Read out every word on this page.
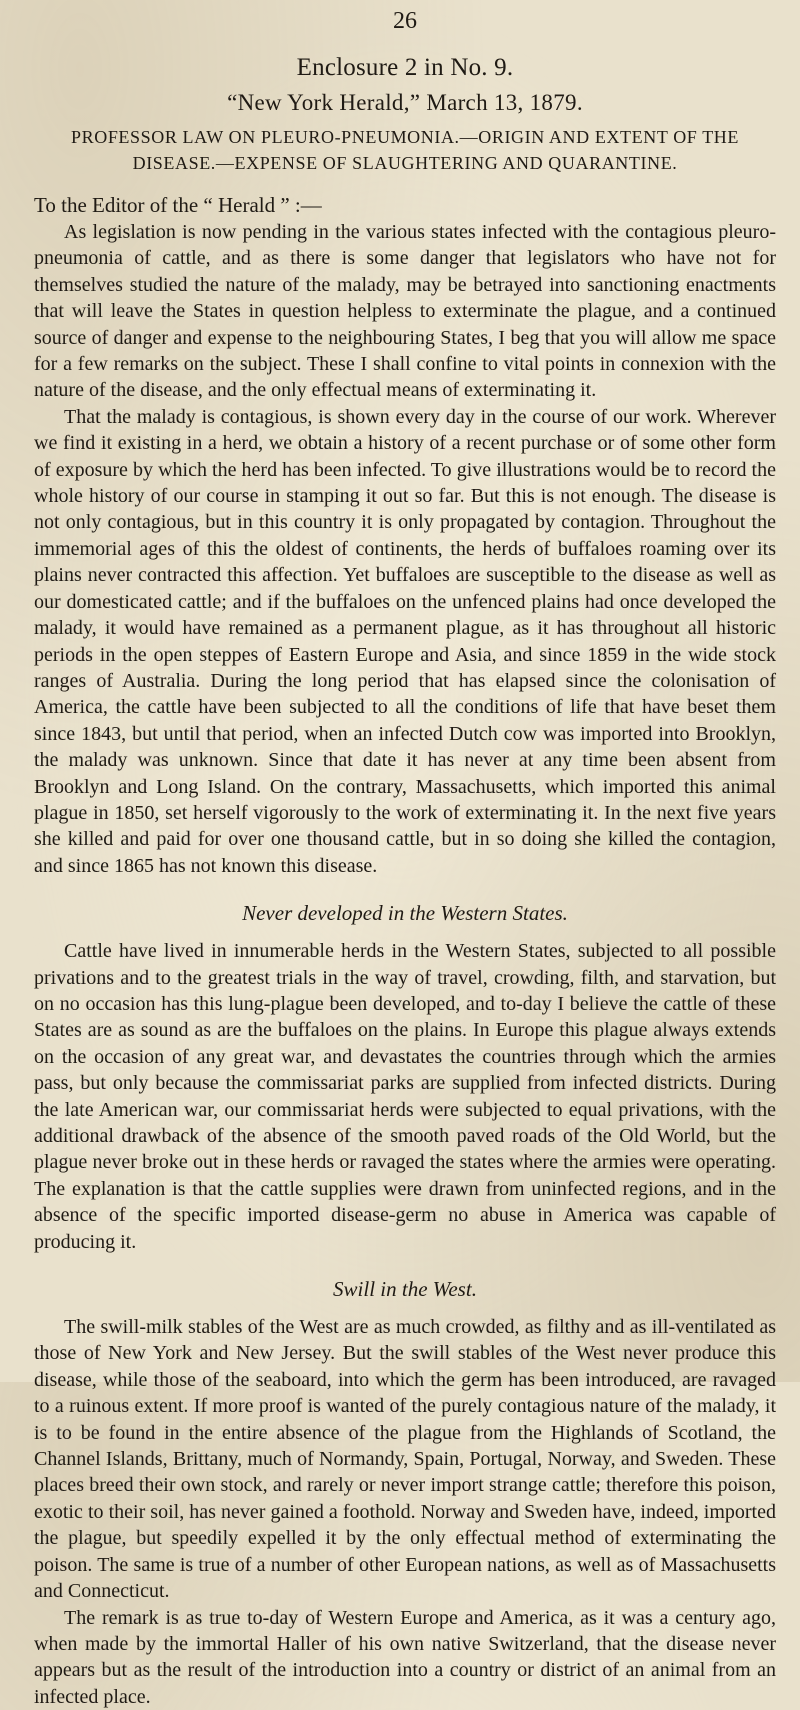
26
Enclosure 2 in No. 9.
“New York Herald,” March 13, 1879.
PROFESSOR LAW ON PLEURO-PNEUMONIA.—ORIGIN AND EXTENT OF THE DISEASE.—EXPENSE OF SLAUGHTERING AND QUARANTINE.
To the Editor of the “ Herald ” :—

As legislation is now pending in the various states infected with the contagious pleuro-pneumonia of cattle, and as there is some danger that legislators who have not for themselves studied the nature of the malady, may be betrayed into sanctioning enactments that will leave the States in question helpless to exterminate the plague, and a continued source of danger and expense to the neighbouring States, I beg that you will allow me space for a few remarks on the subject. These I shall confine to vital points in connexion with the nature of the disease, and the only effectual means of exterminating it.

That the malady is contagious, is shown every day in the course of our work. Wherever we find it existing in a herd, we obtain a history of a recent purchase or of some other form of exposure by which the herd has been infected. To give illustrations would be to record the whole history of our course in stamping it out so far. But this is not enough. The disease is not only contagious, but in this country it is only propagated by contagion. Throughout the immemorial ages of this the oldest of continents, the herds of buffaloes roaming over its plains never contracted this affection. Yet buffaloes are susceptible to the disease as well as our domesticated cattle; and if the buffaloes on the unfenced plains had once developed the malady, it would have remained as a permanent plague, as it has throughout all historic periods in the open steppes of Eastern Europe and Asia, and since 1859 in the wide stock ranges of Australia. During the long period that has elapsed since the colonisation of America, the cattle have been subjected to all the conditions of life that have beset them since 1843, but until that period, when an infected Dutch cow was imported into Brooklyn, the malady was unknown. Since that date it has never at any time been absent from Brooklyn and Long Island. On the contrary, Massachusetts, which imported this animal plague in 1850, set herself vigorously to the work of exterminating it. In the next five years she killed and paid for over one thousand cattle, but in so doing she killed the contagion, and since 1865 has not known this disease.

Never developed in the Western States.

Cattle have lived in innumerable herds in the Western States, subjected to all possible privations and to the greatest trials in the way of travel, crowding, filth, and starvation, but on no occasion has this lung-plague been developed, and to-day I believe the cattle of these States are as sound as are the buffaloes on the plains. In Europe this plague always extends on the occasion of any great war, and devastates the countries through which the armies pass, but only because the commissariat parks are supplied from infected districts. During the late American war, our commissariat herds were subjected to equal privations, with the additional drawback of the absence of the smooth paved roads of the Old World, but the plague never broke out in these herds or ravaged the states where the armies were operating. The explanation is that the cattle supplies were drawn from uninfected regions, and in the absence of the specific imported disease-germ no abuse in America was capable of producing it.

Swill in the West.

The swill-milk stables of the West are as much crowded, as filthy and as ill-ventilated as those of New York and New Jersey. But the swill stables of the West never produce this disease, while those of the seaboard, into which the germ has been introduced, are ravaged to a ruinous extent. If more proof is wanted of the purely contagious nature of the malady, it is to be found in the entire absence of the plague from the Highlands of Scotland, the Channel Islands, Brittany, much of Normandy, Spain, Portugal, Norway, and Sweden. These places breed their own stock, and rarely or never import strange cattle; therefore this poison, exotic to their soil, has never gained a foothold. Norway and Sweden have, indeed, imported the plague, but speedily expelled it by the only effectual method of exterminating the poison. The same is true of a number of other European nations, as well as of Massachusetts and Connecticut.

The remark is as true to-day of Western Europe and America, as it was a century ago, when made by the immortal Haller of his own native Switzerland, that the disease never appears but as the result of the introduction into a country or district of an animal from an infected place.
